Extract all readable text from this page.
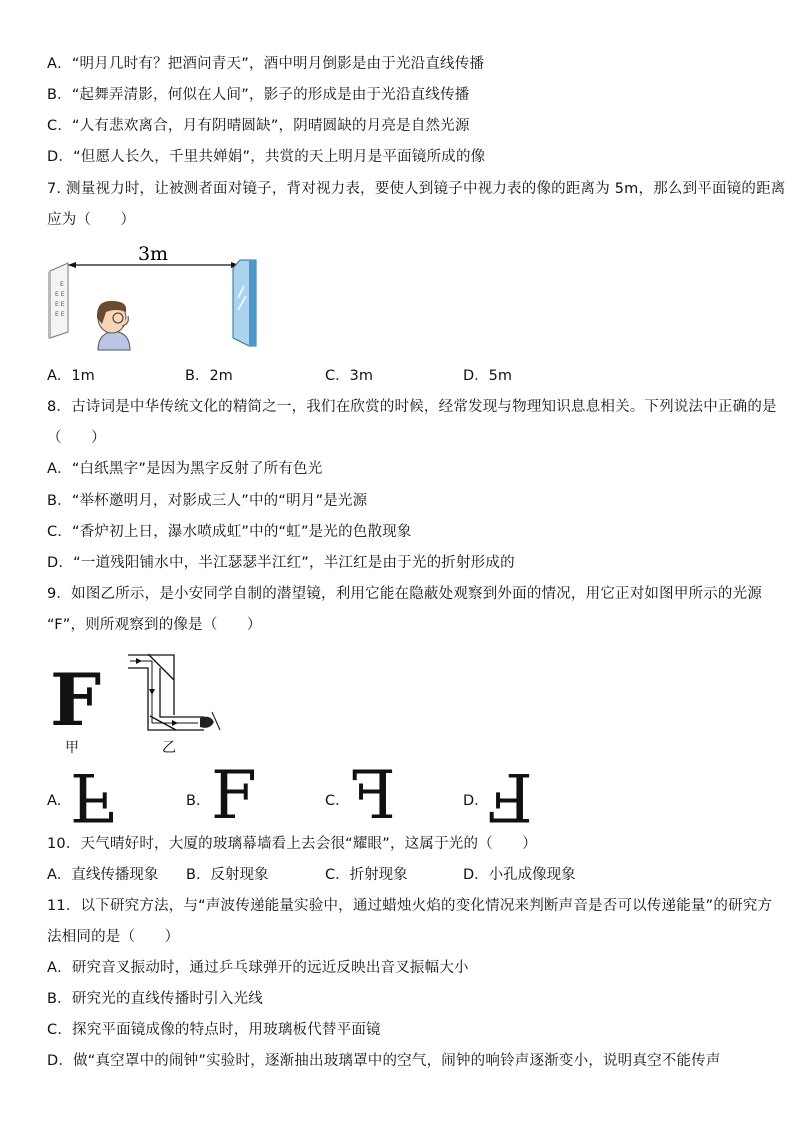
A．“明月几时有？把酒问青天”，酒中明月倒影是由于光沿直线传播
B．“起舞弄清影，何似在人间”，影子的形成是由于光沿直线传播
C．“人有悲欢离合，月有阴晴圆缺”，阴晴圆缺的月亮是自然光源
D．“但愿人长久，千里共婵娟”，共赏的天上明月是平面镜所成的像
7. 测量视力时，让被测者面对镜子，背对视力表，要使人到镜子中视力表的像的距离为 5m，那么到平面镜的距离
应为（　　）
3m
E
E E
E E
E E
A．1m	B．2m	C．3m	D．5m
8．古诗词是中华传统文化的精简之一，我们在欣赏的时候，经常发现与物理知识息息相关。下列说法中正确的是
（　　）
A．“白纸黑字”是因为黑字反射了所有色光
B．“举杯邀明月，对影成三人”中的“明月”是光源
C．“香炉初上日，瀑水喷成虹”中的“虹”是光的色散现象
D．“一道残阳铺水中，半江瑟瑟半江红”，半江红是由于光的折射形成的
9．如图乙所示，是小安同学自制的潜望镜，利用它能在隐蔽处观察到外面的情况，用它正对如图甲所示的光源
“F”，则所观察到的像是（　　）
F
甲	乙
A．
F	B． F	C． F	D．
F
10．天气晴好时，大厦的玻璃幕墙看上去会很“耀眼”，这属于光的（　　）
A．直线传播现象 B．反射现象	C．折射现象	D．小孔成像现象
11．以下研究方法，与“声波传递能量实验中，通过蜡烛火焰的变化情况来判断声音是否可以传递能量”的研究方
法相同的是（　　）
A．研究音叉振动时，通过乒乓球弹开的远近反映出音叉振幅大小
B．研究光的直线传播时引入光线
C．探究平面镜成像的特点时，用玻璃板代替平面镜
D．做“真空罩中的闹钟”实验时，逐渐抽出玻璃罩中的空气，闹钟的响铃声逐渐变小，说明真空不能传声
